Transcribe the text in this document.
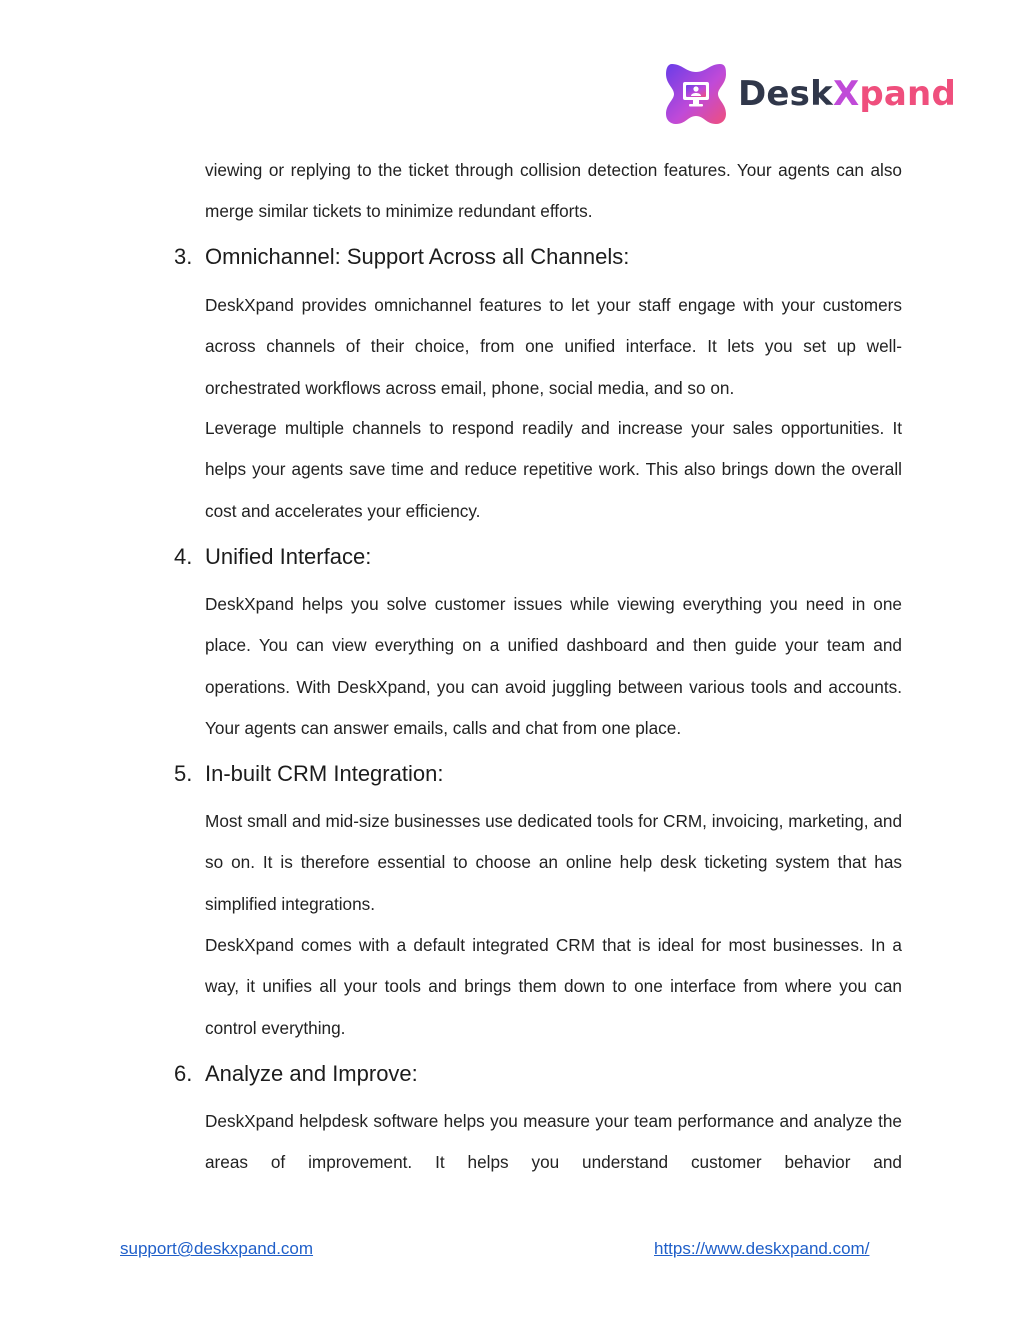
DeskXpand
viewing or replying to the ticket through collision detection features. Your agents can also merge similar tickets to minimize redundant efforts.
3. Omnichannel: Support Across all Channels:
DeskXpand provides omnichannel features to let your staff engage with your customers across channels of their choice, from one unified interface. It lets you set up well-orchestrated workflows across email, phone, social media, and so on.
Leverage multiple channels to respond readily and increase your sales opportunities. It helps your agents save time and reduce repetitive work. This also brings down the overall cost and accelerates your efficiency.
4. Unified Interface:
DeskXpand helps you solve customer issues while viewing everything you need in one place. You can view everything on a unified dashboard and then guide your team and operations. With DeskXpand, you can avoid juggling between various tools and accounts. Your agents can answer emails, calls and chat from one place.
5. In-built CRM Integration:
Most small and mid-size businesses use dedicated tools for CRM, invoicing, marketing, and so on. It is therefore essential to choose an online help desk ticketing system that has simplified integrations.
DeskXpand comes with a default integrated CRM that is ideal for most businesses. In a way, it unifies all your tools and brings them down to one interface from where you can control everything.
6. Analyze and Improve:
DeskXpand helpdesk software helps you measure your team performance and analyze the areas of improvement. It helps you understand customer behavior and
support@deskxpand.com	https://www.deskxpand.com/
